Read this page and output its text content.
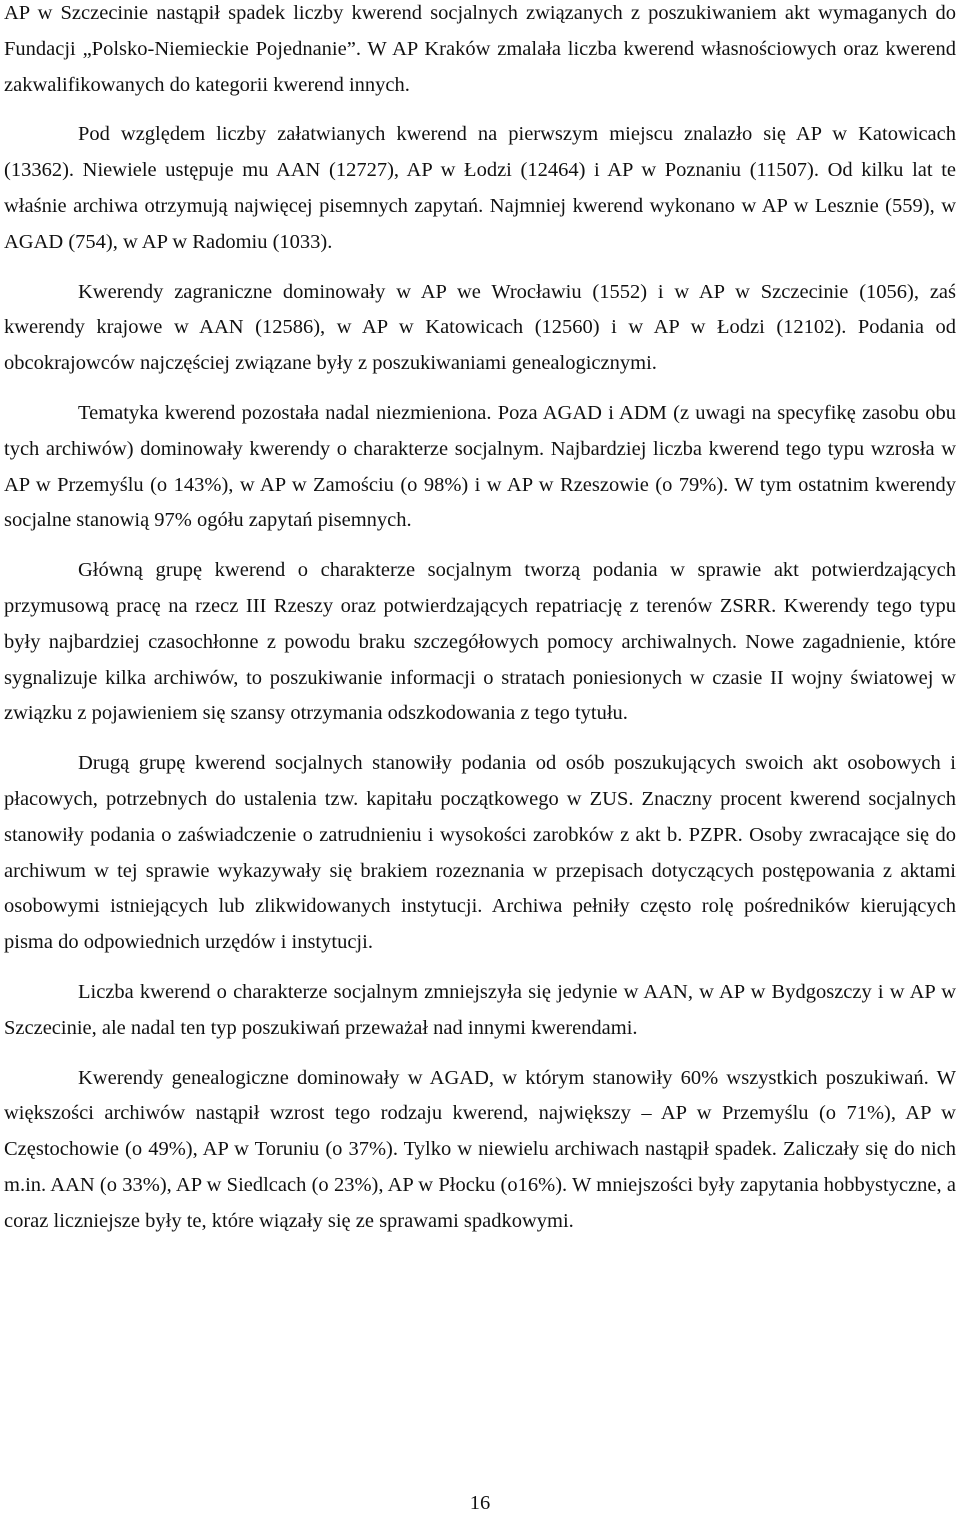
AP w Szczecinie nastąpił spadek liczby kwerend socjalnych związanych z poszukiwaniem akt wymaganych do Fundacji „Polsko-Niemieckie Pojednanie”. W AP Kraków zmalała liczba kwerend własnościowych oraz kwerend zakwalifikowanych do kategorii kwerend innych.

Pod względem liczby załatwianych kwerend na pierwszym miejscu znalazło się AP w Katowicach (13362). Niewiele ustępuje mu AAN (12727), AP w Łodzi (12464) i AP w Poznaniu (11507). Od kilku lat te właśnie archiwa otrzymują najwięcej pisemnych zapytań. Najmniej kwerend wykonano w AP w Lesznie (559), w AGAD (754), w AP w Radomiu (1033).

Kwerendy zagraniczne dominowały w AP we Wrocławiu (1552) i w AP w Szczecinie (1056), zaś kwerendy krajowe w AAN (12586), w AP w Katowicach (12560) i w AP w Łodzi (12102). Podania od obcokrajowców najczęściej związane były z poszukiwaniami genealogicznymi.

Tematyka kwerend pozostała nadal niezmieniona. Poza AGAD i ADM (z uwagi na specyfikę zasobu obu tych archiwów) dominowały kwerendy o charakterze socjalnym. Najbardziej liczba kwerend tego typu wzrosła w AP w Przemyślu (o 143%), w AP w Zamościu (o 98%) i w AP w Rzeszowie (o 79%). W tym ostatnim kwerendy socjalne stanowią 97% ogółu zapytań pisemnych.

Główną grupę kwerend o charakterze socjalnym tworzą podania w sprawie akt potwierdzających przymusową pracę na rzecz III Rzeszy oraz potwierdzających repatriację z terenów ZSRR. Kwerendy tego typu były najbardziej czasochłonne z powodu braku szczegółowych pomocy archiwalnych. Nowe zagadnienie, które sygnalizuje kilka archiwów, to poszukiwanie informacji o stratach poniesionych w czasie II wojny światowej w związku z pojawieniem się szansy otrzymania odszkodowania z tego tytułu.

Drugą grupę kwerend socjalnych stanowiły podania od osób poszukujących swoich akt osobowych i płacowych, potrzebnych do ustalenia tzw. kapitału początkowego w ZUS. Znaczny procent kwerend socjalnych stanowiły podania o zaświadczenie o zatrudnieniu i wysokości zarobków z akt b. PZPR. Osoby zwracające się do archiwum w tej sprawie wykazywały się brakiem rozeznania w przepisach dotyczących postępowania z aktami osobowymi istniejących lub zlikwidowanych instytucji. Archiwa pełniły często rolę pośredników kierujących pisma do odpowiednich urzędów i instytucji.

Liczba kwerend o charakterze socjalnym zmniejszyła się jedynie w AAN, w AP w Bydgoszczy i w AP w Szczecinie, ale nadal ten typ poszukiwań przeważał nad innymi kwerendami.

Kwerendy genealogiczne dominowały w AGAD, w którym stanowiły 60% wszystkich poszukiwań. W większości archiwów nastąpił wzrost tego rodzaju kwerend, największy – AP w Przemyślu (o 71%), AP w Częstochowie (o 49%), AP w Toruniu (o 37%). Tylko w niewielu archiwach nastąpił spadek. Zaliczały się do nich m.in. AAN (o 33%), AP w Siedlcach (o 23%), AP w Płocku (o16%). W mniejszości były zapytania hobbystyczne, a coraz liczniejsze były te, które wiązały się ze sprawami spadkowymi.

16
